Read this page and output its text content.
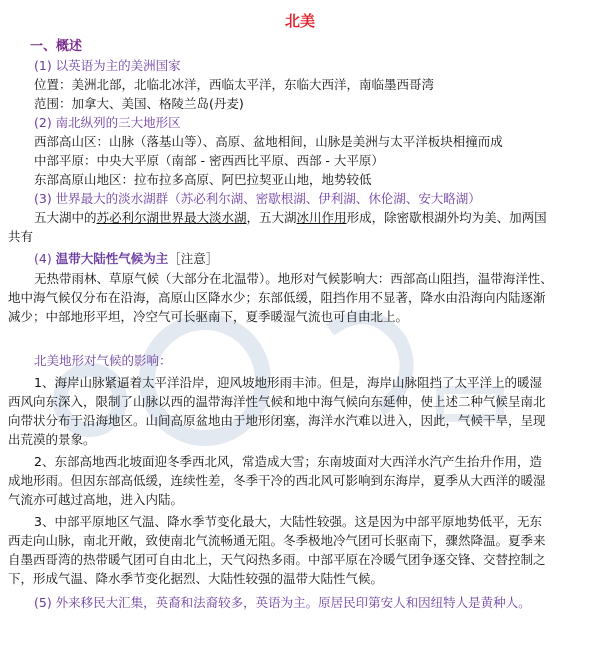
北美
一、概述
(1) 以英语为主的美洲国家
位置：美洲北部，北临北冰洋，西临太平洋，东临大西洋，南临墨西哥湾
范围：加拿大、美国、格陵兰岛(丹麦)
(2) 南北纵列的三大地形区
西部高山区：山脉（落基山等）、高原、盆地相间，山脉是美洲与太平洋板块相撞而成
中部平原：中央大平原（南部 - 密西西比平原、西部 - 大平原）
东部高原山地区：拉布拉多高原、阿巴拉契亚山地，地势较低
(3) 世界最大的淡水湖群（苏必利尔湖、密歇根湖、伊利湖、休伦湖、安大略湖）
五大湖中的苏必利尔湖世界最大淡水湖，五大湖冰川作用形成，除密歇根湖外均为美、加两国
共有
(4) 温带大陆性气候为主［注意］
无热带雨林、草原气候（大部分在北温带）。地形对气候影响大：西部高山阻挡，温带海洋性、
地中海气候仅分布在沿海，高原山区降水少；东部低缓，阻挡作用不显著，降水由沿海向内陆逐渐
减少；中部地形平坦，冷空气可长驱南下，夏季暖湿气流也可自由北上。
北美地形对气候的影响：
1、海岸山脉紧逼着太平洋沿岸，迎风坡地形雨丰沛。但是，海岸山脉阻挡了太平洋上的暖湿
西风向东深入，限制了山脉以西的温带海洋性气候和地中海气候向东延伸，使上述二种气候呈南北
向带状分布于沿海地区。山间高原盆地由于地形闭塞，海洋水汽难以进入，因此，气候干旱，呈现
出荒漠的景象。
2、东部高地西北坡面迎冬季西北风，常造成大雪；东南坡面对大西洋水汽产生抬升作用，造
成地形雨。但因东部高低缓，连续性差，冬季干冷的西北风可影响到东海岸，夏季从大西洋的暖湿
气流亦可越过高地，进入内陆。
3、中部平原地区气温、降水季节变化最大，大陆性较强。这是因为中部平原地势低平，无东
西走向山脉，南北开敞，致使南北气流畅通无阻。冬季极地冷气团可长驱南下，骤然降温。夏季来
自墨西哥湾的热带暖气团可自由北上，天气闷热多雨。中部平原在冷暖气团争逐交锋、交替控制之
下，形成气温、降水季节变化据烈、大陆性较强的温带大陆性气候。
(5) 外来移民大汇集，英裔和法裔较多，英语为主。原居民印第安人和因纽特人是黄种人。
